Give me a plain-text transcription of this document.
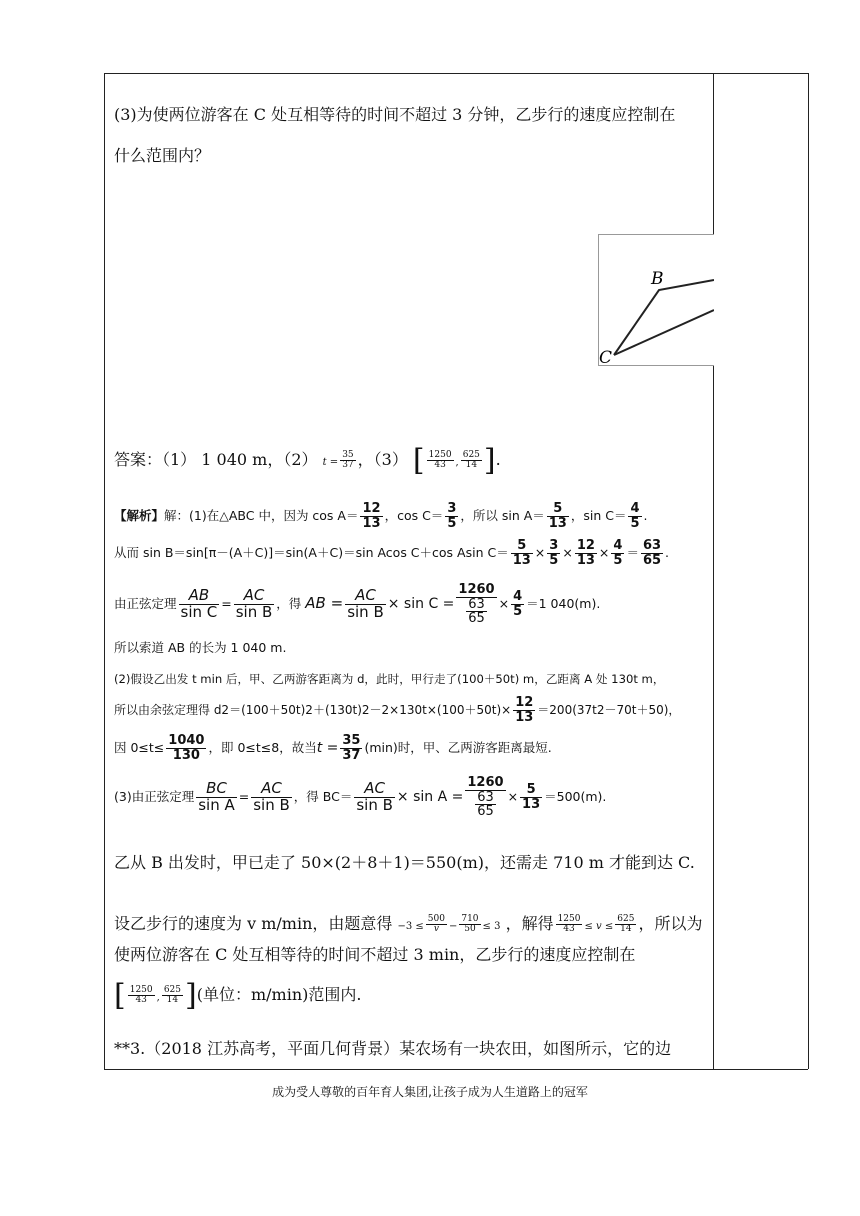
(3)为使两位游客在 C 处互相等待的时间不超过 3 分钟，乙步行的速度应控制在
什么范围内？
B
C
答案：（1） 1 040 m，（2） $t = \frac{35}{37}$ ，（3） [ $\frac{1250}{43}$ , $\frac{625}{14}$ ].
【解析】解：(1)在△ABC 中，因为 $\cos A= \frac{12}{13}$ ，$\cos C= \frac{3}{5}$ ，所以 $\sin A= \frac{5}{13}$ ，$\sin C= \frac{4}{5}$ .
从而 sin B＝sin[π－(A＋C)]＝sin(A＋C)＝sin Acos C＋cos Asin $C= \frac{5}{13} \times \frac{3}{5} \times \frac{12}{13} \times \frac{4}{5} = \frac{63}{65}$ .
由正弦定理 $\frac{AB}{\text{sin C}} = \frac{AC}{\text{sin B}}$ ，得 AB = $\frac{AC}{\text{sin B}} \times \sin C = \frac{1260}{\frac{63}{65}} \times \frac{4}{5} =1$ 040(m).
所以索道 AB 的长为 1 040 m.
(2)假设乙出发 t min 后，甲、乙两游客距离为 d，此时，甲行走了(100＋50t) m，乙距离 A 处 130t m，
所以由余弦定理得 $d2=(100+50t)2+(130t)2-2\times 130t\times(100+50t)\times \frac{12}{13} =200(37t2-70t+50)$，
因 $0\le t\le \frac{1040}{130}$ ，即 0≤t≤8，故当$t = \frac{35}{37} (\min)$时，甲、乙两游客距离最短.
(3)由正弦定理 $\frac{BC}{\text{sin A}} = \frac{AC}{\text{sin B}}$ ，得 $BC= \frac{AC}{\text{sin B}} \times \sin A = \frac{1260}{\frac{63}{65}} \times \frac{5}{13} =500(m)$.
乙从 B 出发时，甲已走了 50×(2＋8＋1)＝550(m)，还需走 710 m 才能到达 C.
设乙步行的速度为 v m/min，由题意得 $-3 \le \frac{500}{v} - \frac{710}{50} \le 3$ ，解得 $\frac{1250}{43} \le v \le \frac{625}{14}$ ，所以为
使两位游客在 C 处互相等待的时间不超过 3 min，乙步行的速度应控制在
[ $\frac{1250}{43}$ , $\frac{625}{14}$ ](单位：m/min)范围内.
**3.（2018 江苏高考，平面几何背景）某农场有一块农田，如图所示，它的边
成为受人尊敬的百年育人集团,让孩子成为人生道路上的冠军
